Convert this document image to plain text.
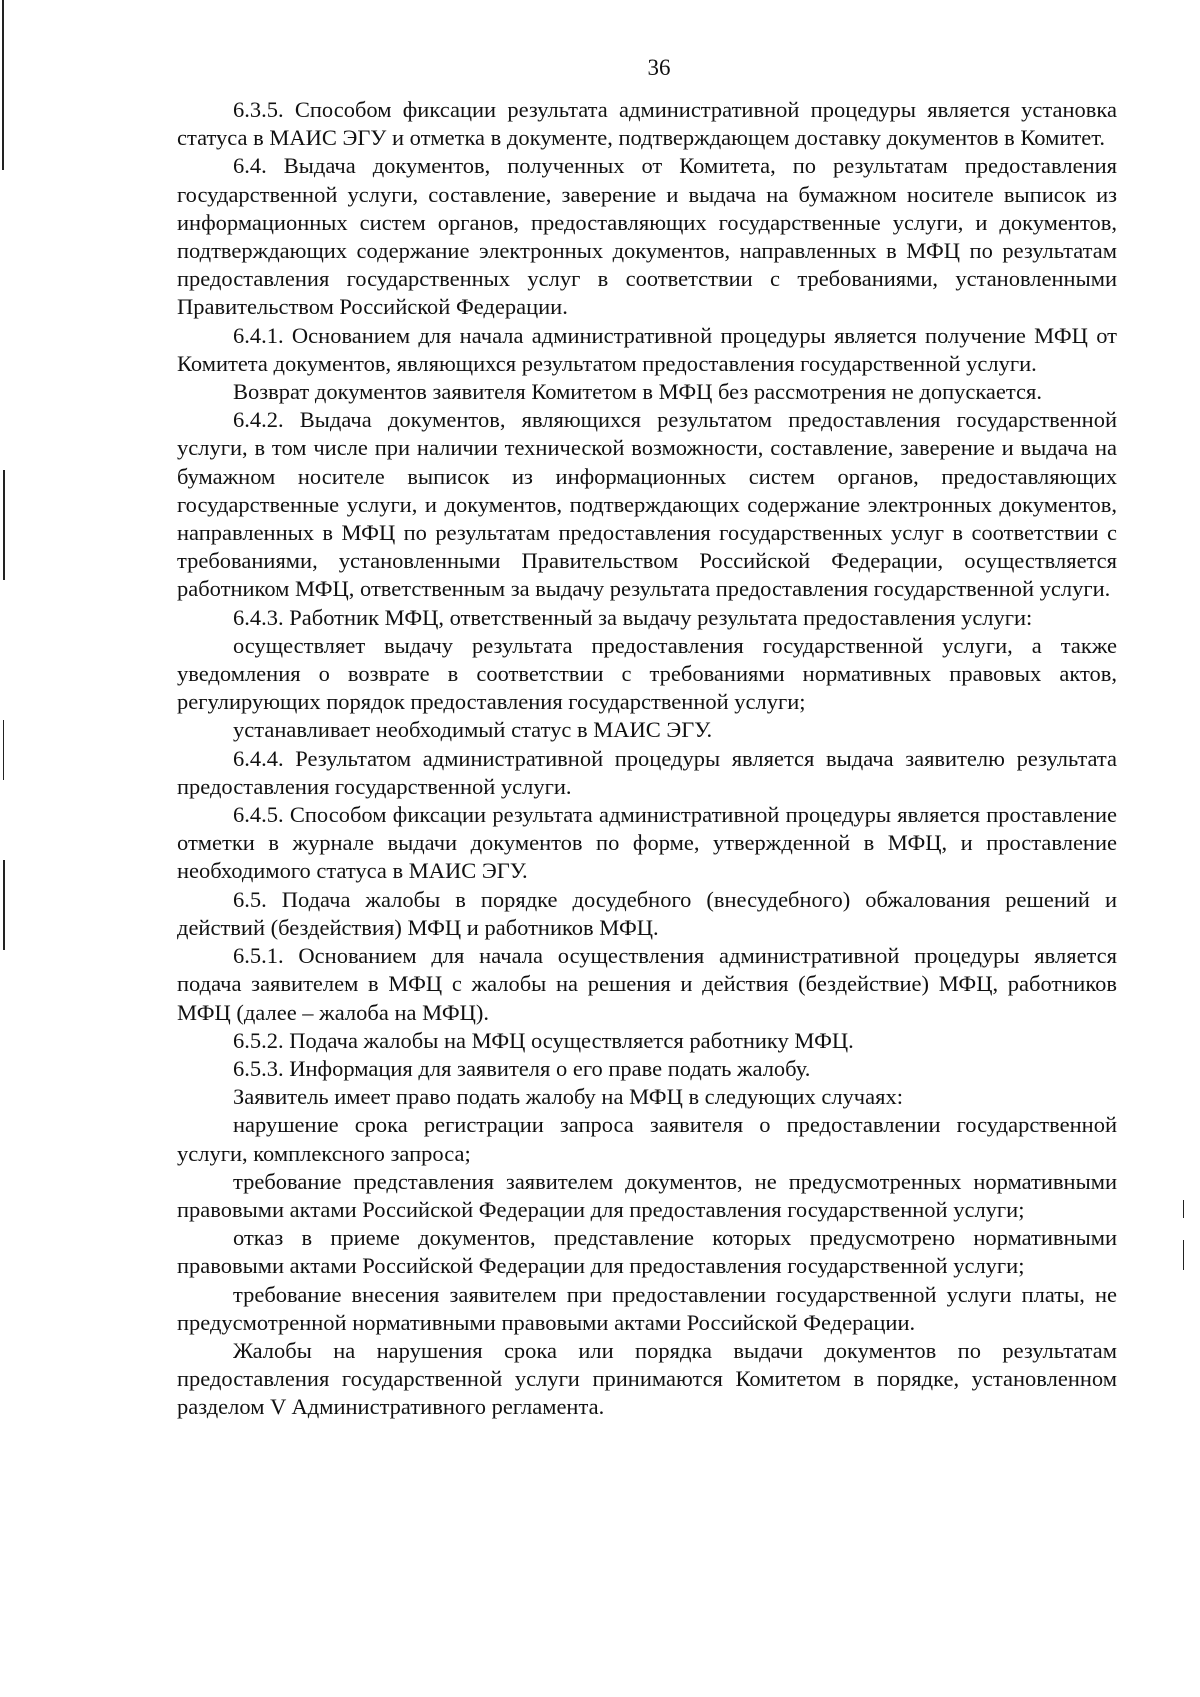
36

6.3.5. Способом фиксации результата административной процедуры является установка статуса в МАИС ЭГУ и отметка в документе, подтверждающем доставку документов в Комитет.

6.4. Выдача документов, полученных от Комитета, по результатам предоставления государственной услуги, составление, заверение и выдача на бумажном носителе выписок из информационных систем органов, предоставляющих государственные услуги, и документов, подтверждающих содержание электронных документов, направленных в МФЦ по результатам предоставления государственных услуг в соответствии с требованиями, установленными Правительством Российской Федерации.

6.4.1. Основанием для начала административной процедуры является получение МФЦ от Комитета документов, являющихся результатом предоставления государственной услуги.

Возврат документов заявителя Комитетом в МФЦ без рассмотрения не допускается.

6.4.2. Выдача документов, являющихся результатом предоставления государственной услуги, в том числе при наличии технической возможности, составление, заверение и выдача на бумажном носителе выписок из информационных систем органов, предоставляющих государственные услуги, и документов, подтверждающих содержание электронных документов, направленных в МФЦ по результатам предоставления государственных услуг в соответствии с требованиями, установленными Правительством Российской Федерации, осуществляется работником МФЦ, ответственным за выдачу результата предоставления государственной услуги.

6.4.3. Работник МФЦ, ответственный за выдачу результата предоставления услуги:

осуществляет выдачу результата предоставления государственной услуги, а также уведомления о возврате в соответствии с требованиями нормативных правовых актов, регулирующих порядок предоставления государственной услуги;

устанавливает необходимый статус в МАИС ЭГУ.

6.4.4. Результатом административной процедуры является выдача заявителю результата предоставления государственной услуги.

6.4.5. Способом фиксации результата административной процедуры является проставление отметки в журнале выдачи документов по форме, утвержденной в МФЦ, и проставление необходимого статуса в МАИС ЭГУ.

6.5. Подача жалобы в порядке досудебного (внесудебного) обжалования решений и действий (бездействия) МФЦ и работников МФЦ.

6.5.1. Основанием для начала осуществления административной процедуры является подача заявителем в МФЦ с жалобы на решения и действия (бездействие) МФЦ, работников МФЦ (далее – жалоба на МФЦ).

6.5.2. Подача жалобы на МФЦ осуществляется работнику МФЦ.

6.5.3. Информация для заявителя о его праве подать жалобу.

Заявитель имеет право подать жалобу на МФЦ в следующих случаях:

нарушение срока регистрации запроса заявителя о предоставлении государственной услуги, комплексного запроса;

требование представления заявителем документов, не предусмотренных нормативными правовыми актами Российской Федерации для предоставления государственной услуги;

отказ в приеме документов, представление которых предусмотрено нормативными правовыми актами Российской Федерации для предоставления государственной услуги;

требование внесения заявителем при предоставлении государственной услуги платы, не предусмотренной нормативными правовыми актами Российской Федерации.

Жалобы на нарушения срока или порядка выдачи документов по результатам предоставления государственной услуги принимаются Комитетом в порядке, установленном разделом V Административного регламента.
